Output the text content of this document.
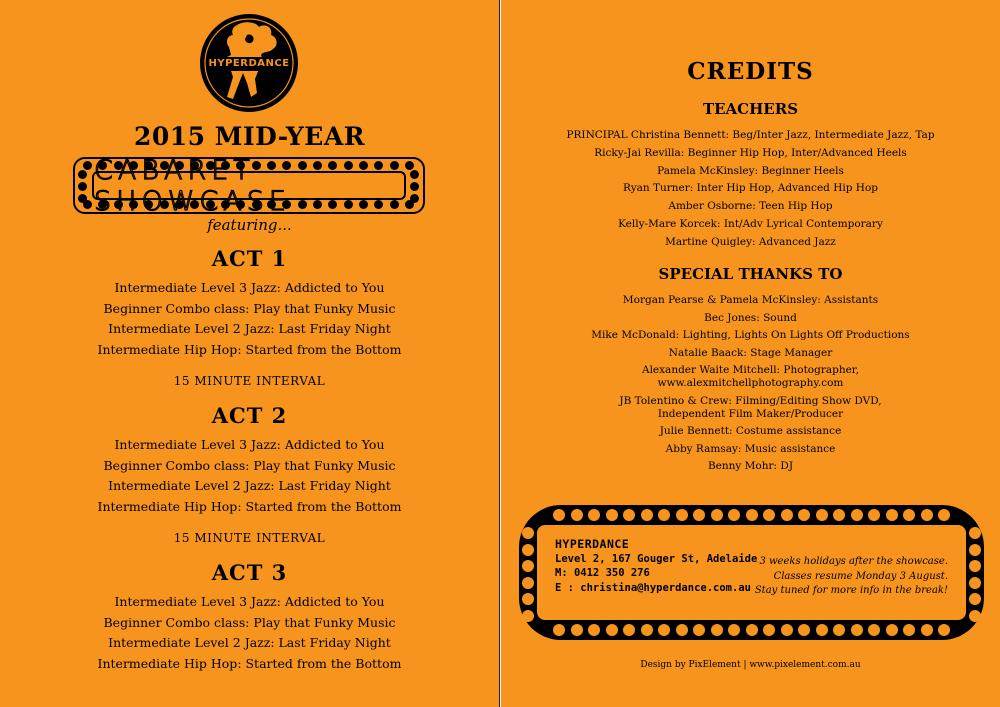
HYPERDANCE
2015 MID-YEAR
CABARET SHOWCASE
featuring...
ACT 1
Intermediate Level 3 Jazz: Addicted to You
Beginner Combo class: Play that Funky Music
Intermediate Level 2 Jazz: Last Friday Night
Intermediate Hip Hop: Started from the Bottom
15 MINUTE INTERVAL
ACT 2
Intermediate Level 3 Jazz: Addicted to You
Beginner Combo class: Play that Funky Music
Intermediate Level 2 Jazz: Last Friday Night
Intermediate Hip Hop: Started from the Bottom
15 MINUTE INTERVAL
ACT 3
Intermediate Level 3 Jazz: Addicted to You
Beginner Combo class: Play that Funky Music
Intermediate Level 2 Jazz: Last Friday Night
Intermediate Hip Hop: Started from the Bottom
CREDITS
TEACHERS
PRINCIPAL Christina Bennett: Beg/Inter Jazz, Intermediate Jazz, Tap
Ricky-Jai Revilla: Beginner Hip Hop, Inter/Advanced Heels
Pamela McKinsley: Beginner Heels
Ryan Turner: Inter Hip Hop, Advanced Hip Hop
Amber Osborne: Teen Hip Hop
Kelly-Mare Korcek: Int/Adv Lyrical Contemporary
Martine Quigley: Advanced Jazz
SPECIAL THANKS TO
Morgan Pearse & Pamela McKinsley: Assistants
Bec Jones: Sound
Mike McDonald: Lighting, Lights On Lights Off Productions
Natalie Baack: Stage Manager
Alexander Waite Mitchell: Photographer,
www.alexmitchellphotography.com
JB Tolentino & Crew: Filming/Editing Show DVD,
Independent Film Maker/Producer
Julie Bennett: Costume assistance
Abby Ramsay: Music assistance
Benny Mohr: DJ
HYPERDANCE
Level 2, 167 Gouger St, Adelaide
M: 0412 350 276
E : christina@hyperdance.com.au
3 weeks holidays after the showcase.
Classes resume Monday 3 August.
Stay tuned for more info in the break!
Design by PixElement | www.pixelement.com.au
